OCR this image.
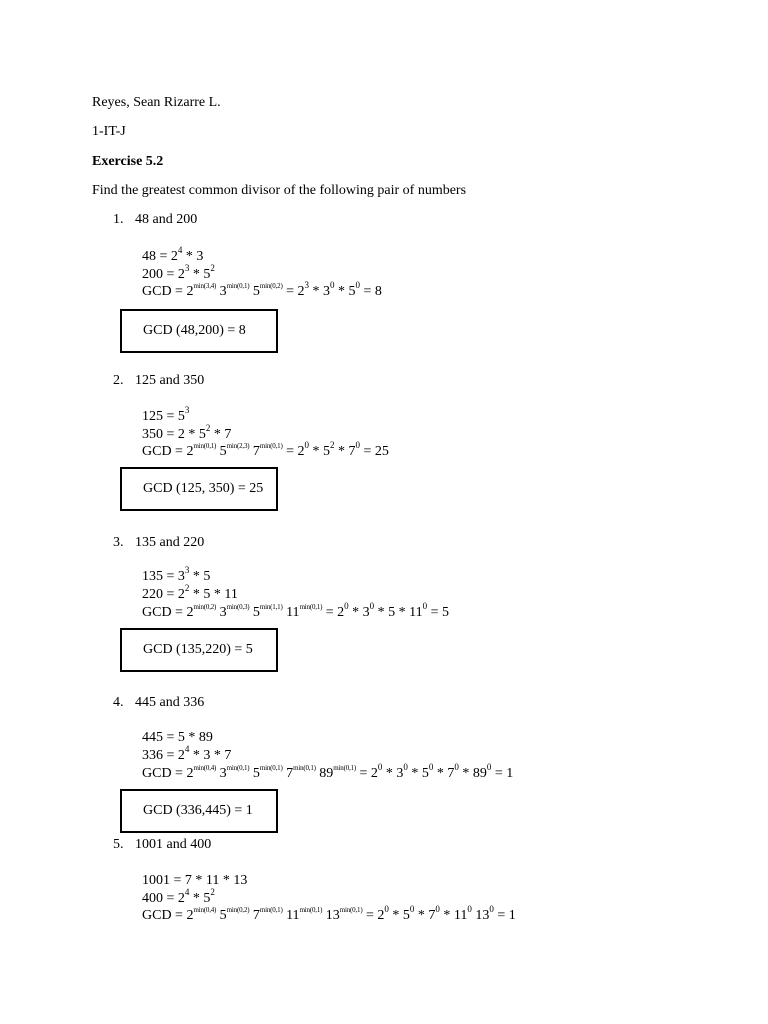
Reyes, Sean Rizarre L.
1-IT-J
Exercise 5.2
Find the greatest common divisor of the following pair of numbers
1. 48 and 200
$48 = 2^4 * 3$
$200 = 2^3 * 5^2$
GCD = $2^{min(3,4)}$ $3^{min(0,1)}$ $5^{min(0,2)} = 2^3 * 3^0 * 5^0 = 8$
GCD (48,200) = 8
2. 125 and 350
$125 = 5^3$
$350 = 2 * 5^2 * 7$
GCD = $2^{min(0,1)}$ $5^{min(2,3)}$ $7^{min(0,1)} = 2^0 * 5^2 * 7^0 = 25$
GCD (125, 350) = 25
3. 135 and 220
$135 = 3^3 * 5$
$220 = 2^2 * 5 * 11$
GCD = $2^{min(0,2)}$ $3^{min(0,3)}$ $5^{min(1,1)}$ $11^{min(0,1)} = 2^0 * 3^0 * 5 * 11^0 = 5$
GCD (135,220) = 5
4. 445 and 336
445 = 5 * 89
$336 = 2^4 * 3 * 7$
GCD = $2^{min(0,4)}$ $3^{min(0,1)}$ $5^{min(0,1)}$ $7^{min(0,1)}$ $89^{min(0,1)} = 2^0 * 3^0 * 5^0 * 7^0 * 89^0 = 1$
GCD (336,445) = 1
5. 1001 and 400
1001 = 7 * 11 * 13
$400 = 2^4 * 5^2$
GCD = $2^{min(0,4)}$ $5^{min(0,2)}$ $7^{min(0,1)}$ $11^{min(0,1)}$ $13^{min(0,1)} = 2^0 * 5^0 * 7^0 * 11^0$ $13^0 = 1$
